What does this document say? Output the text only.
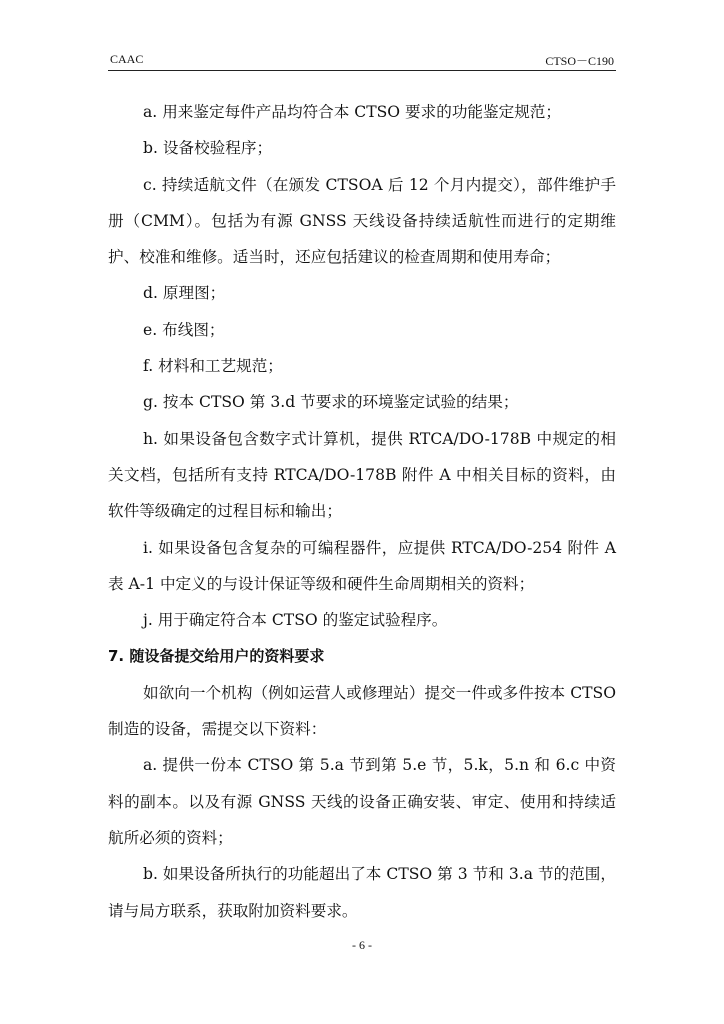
CAAC	CTSO－C190

a. 用来鉴定每件产品均符合本 CTSO 要求的功能鉴定规范；

b. 设备校验程序；

c. 持续适航文件（在颁发 CTSOA 后 12 个月内提交），部件维护手册（CMM）。包括为有源 GNSS 天线设备持续适航性而进行的定期维护、校准和维修。适当时，还应包括建议的检查周期和使用寿命；

d. 原理图；

e. 布线图；

f. 材料和工艺规范；

g. 按本 CTSO 第 3.d 节要求的环境鉴定试验的结果；

h. 如果设备包含数字式计算机，提供 RTCA/DO-178B 中规定的相关文档，包括所有支持 RTCA/DO-178B 附件 A 中相关目标的资料，由软件等级确定的过程目标和输出；

i. 如果设备包含复杂的可编程器件，应提供 RTCA/DO-254 附件 A 表 A-1 中定义的与设计保证等级和硬件生命周期相关的资料；

j. 用于确定符合本 CTSO 的鉴定试验程序。

7. 随设备提交给用户的资料要求

如欲向一个机构（例如运营人或修理站）提交一件或多件按本 CTSO 制造的设备，需提交以下资料：

a. 提供一份本 CTSO 第 5.a 节到第 5.e 节，5.k，5.n 和 6.c 中资料的副本。以及有源 GNSS 天线的设备正确安装、审定、使用和持续适航所必须的资料；

b. 如果设备所执行的功能超出了本 CTSO 第 3 节和 3.a 节的范围，请与局方联系，获取附加资料要求。

- 6 -
